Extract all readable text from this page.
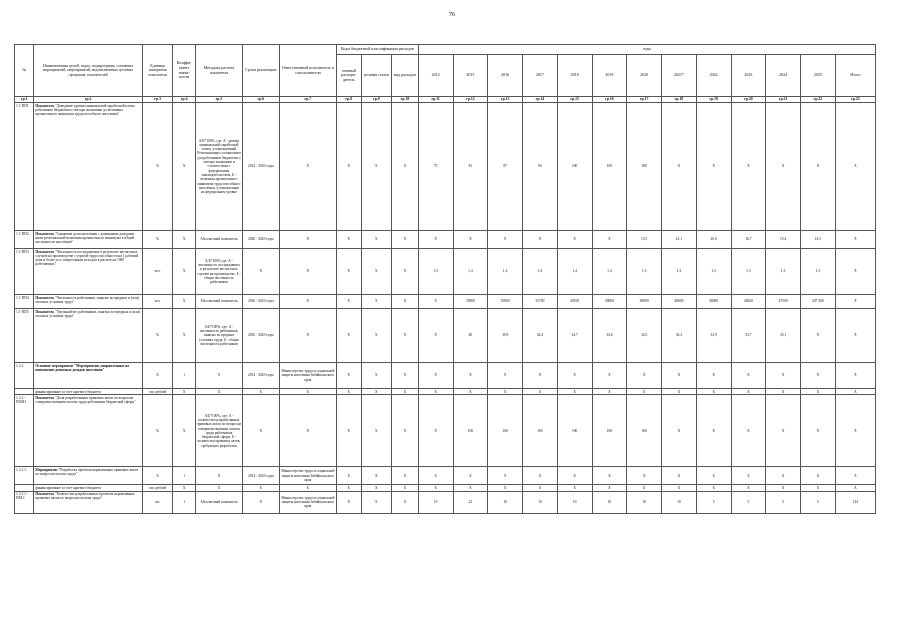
76
№	Наименования целей, задач, подпрограмм, основных мероприятий, мероприятий, ведомственных целевых программ, показателей	Единица измерения показателя	Коэффи-циент значи-мости	Методика расчета показателя	Сроки реализации	Ответственный исполнитель и соисполнители	Коды бюджетной классификации расходов			годы												
							главный распоря-дитель	целевая статья	вид расходов	2014	2015	2016	2017	2018	2019	2020	2021*	2022	2023	2024	2025	Итого
гр.1	гр.2	гр.3	гр.4	гр.5	гр.6	гр.7	гр.8	гр.9	гр.10	гр.11	гр.12	гр.13	гр.14	гр.15	гр.16	гр.17	гр.18	гр.19	гр.20	гр.21	гр.22	гр.23
1.1-ПП1	Показатель "Доведение уровня минимальной заработной платы работников бюджетного сектора экономики до величины прожиточного минимума трудоспособного населения"	%	X	А/Б*100%, где: А - размер минимальной заработной платы, установленный Региональным соглашением для работников бюджетного сектора экономики в соответствии с федеральным законодательством, Б - величина прожиточного минимума трудоспособного населения, установленная на федеральном уровне	2014 - 2020 годы	X	X	X	X	75	81	87	94	100	100	100	X	X	X	X	X	X
1.1-ПП2	Показатель "Снижение доли населения с денежными доходами ниже региональной величины прожиточного минимума в общей численности населения"	%	X	Абсолютный показатель	2020 - 2025 годы	X	X	X	X	X	X	X	X	X	X	15,5	21,1	20,6	16,7	15,4	14,5	X
1.1-ПП3	Показатель "Численность пострадавших в результате несчастных случаев на производстве с утратой трудоспособности на 1 рабочий день и более и со смертельным исходом в расчете на 1000 работающих"	чел.	X	А/Б*1000, где: А - численность пострадавших в результате несчастных случаев на производстве, Б - общая численность работников	X	X	X	X	X	1,5	1,4	1,4	1,4	1,4	1,4	1,3	1,3	1,3	1,3	1,3	1,3	X
1.1-ПП4	Показатель "Численность работников, занятых во вредных и (или) опасных условиях труда"	чел.	X	Абсолютный показатель	2016 - 2025 годы	X	X	X	X	X	35900	35800	35700	49100	49000	48900	48600	48400	48200	47500	447 200	X
1.1-ПП5	Показатель "Удельный вес работников, занятых во вредных и (или) опасных условиях труда"	%	X	А/Б*100%, где: А - численность работников, занятых во вредных условиях труда, Б - общая численность работников	2016 - 2025 годы	X	X	X	X	X	40	39,9	34,4	34,7	34,6	34,5	34,2	33,9	33,7	33,1	X	X
1.3.1.	Основное мероприятие "Мероприятия, направленные на повышение денежных доходов населения"	X	1	X	2014 - 2025 годы	Министерство труда и социальной защиты населения Забайкальского края	X	X	X	X	X	X	X	X	X	X	X	X	X	X	X	X
	финансирование за счет краевого бюджета	тыс.рублей	X	X	X	X	X	X	X	X	X	X	X	X	X	X	X	X	X	X	X	X
1.3.1.-ПОМ1	Показатель "Доля разработанных правовых актов по вопросам совершенствования оплаты труда работников бюджетной сферы"	%	X	А/Б*100%, где: А - количество разработанных правовых актов по вопросам совершенствования оплаты труда работников бюджетной сферы, Б - количество правовых актов, требующих разработки	X	X	X	X	X	X	100	100	100	100	100	100	X	X	X	X	X	X
1.3.1.1.	Мероприятие "Разработка проектов нормативных правовых актов по вопросам оплаты труда"	X	1	X	2014 - 2025 годы	Министерство труда и социальной защиты населения Забайкальского края	X	X	X	X	X	X	X	X	X	X	X	X	X	X	X	X
	финансирование за счет краевого бюджета	тыс.рублей	X	X	X	X	X	X	X	X	X	X	X	X	X	X	X	X	X	X	X	X
1.3.1.1.-ПМ-1	Показатель "Количество разработанных проектов нормативных правовых актов по вопросам оплаты труда"	шт.	1	Абсолютный показатель	X	Министерство труда и социальной защиты населения Забайкальского края	X	X	X	10	22	10	10	10	10	10	10	5	5	5	5	124
